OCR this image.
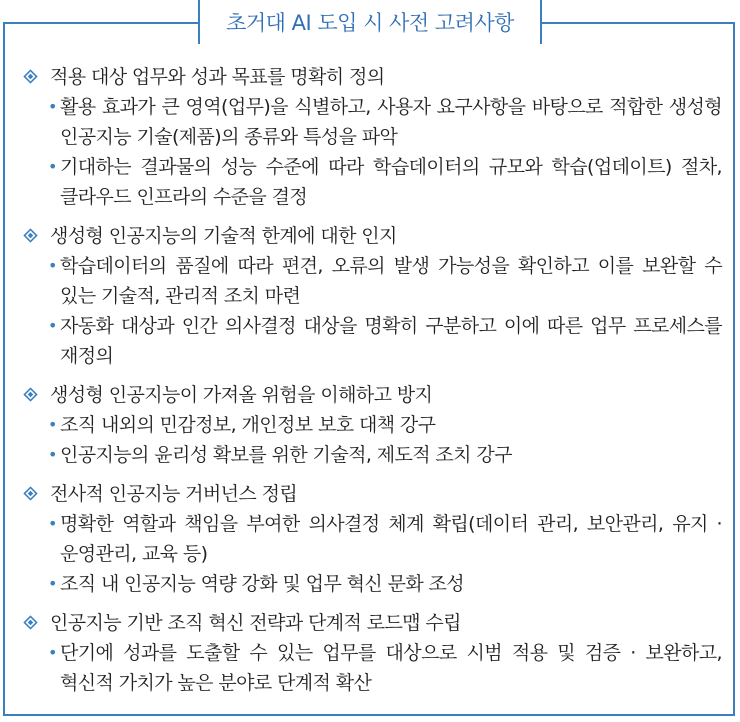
초거대 AI 도입 시 사전 고려사항
적용 대상 업무와 성과 목표를 명확히 정의
• 활용 효과가 큰 영역(업무)을 식별하고, 사용자 요구사항을 바탕으로 적합한 생성형 인공지능 기술(제품)의 종류와 특성을 파악
• 기대하는 결과물의 성능 수준에 따라 학습데이터의 규모와 학습(업데이트) 절차, 클라우드 인프라의 수준을 결정
생성형 인공지능의 기술적 한계에 대한 인지
• 학습데이터의 품질에 따라 편견, 오류의 발생 가능성을 확인하고 이를 보완할 수 있는 기술적, 관리적 조치 마련
• 자동화 대상과 인간 의사결정 대상을 명확히 구분하고 이에 따른 업무 프로세스를 재정의
생성형 인공지능이 가져올 위험을 이해하고 방지
• 조직 내외의 민감정보, 개인정보 보호 대책 강구
• 인공지능의 윤리성 확보를 위한 기술적, 제도적 조치 강구
전사적 인공지능 거버넌스 정립
• 명확한 역할과 책임을 부여한 의사결정 체계 확립(데이터 관리, 보안관리, 유지 · 운영관리, 교육 등)
• 조직 내 인공지능 역량 강화 및 업무 혁신 문화 조성
인공지능 기반 조직 혁신 전략과 단계적 로드맵 수립
• 단기에 성과를 도출할 수 있는 업무를 대상으로 시범 적용 및 검증 · 보완하고, 혁신적 가치가 높은 분야로 단계적 확산
